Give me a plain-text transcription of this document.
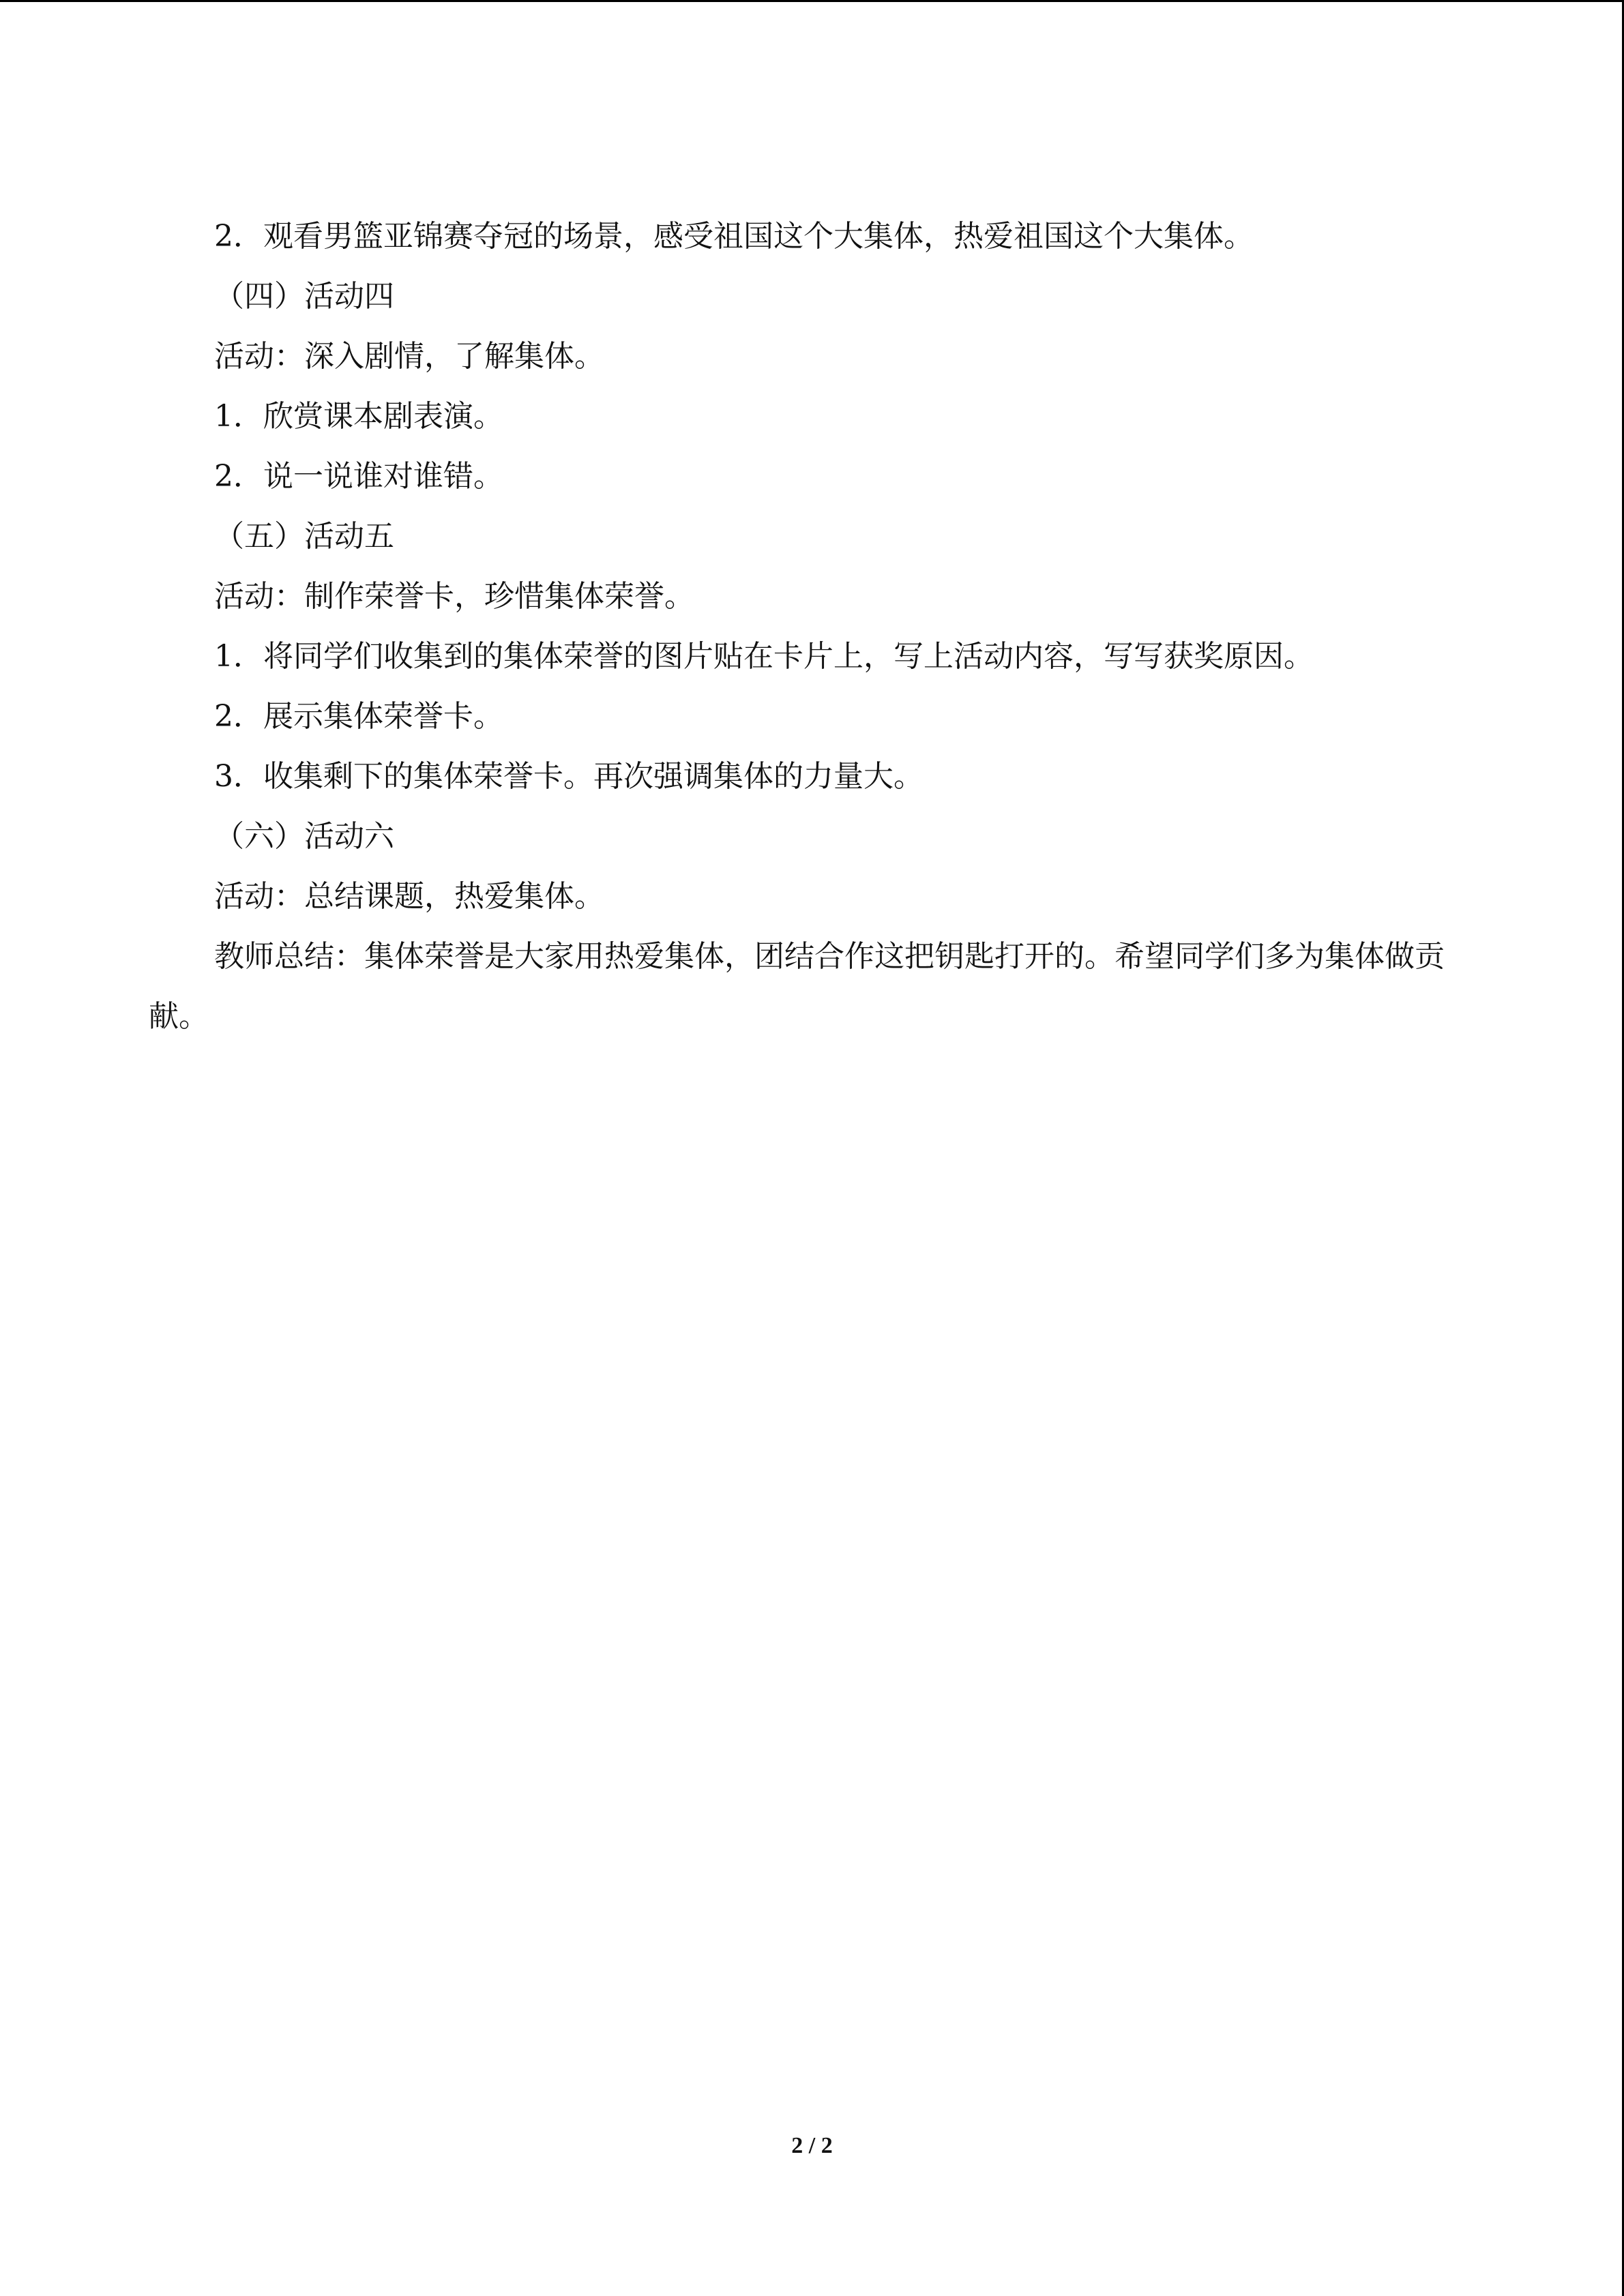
2．观看男篮亚锦赛夺冠的场景，感受祖国这个大集体，热爱祖国这个大集体。

（四）活动四

活动：深入剧情，了解集体。

1．欣赏课本剧表演。

2．说一说谁对谁错。

（五）活动五

活动：制作荣誉卡，珍惜集体荣誉。

1．将同学们收集到的集体荣誉的图片贴在卡片上，写上活动内容，写写获奖原因。

2．展示集体荣誉卡。

3．收集剩下的集体荣誉卡。再次强调集体的力量大。

（六）活动六

活动：总结课题，热爱集体。

教师总结：集体荣誉是大家用热爱集体，团结合作这把钥匙打开的。希望同学们多为集体做贡献。

2 / 2
